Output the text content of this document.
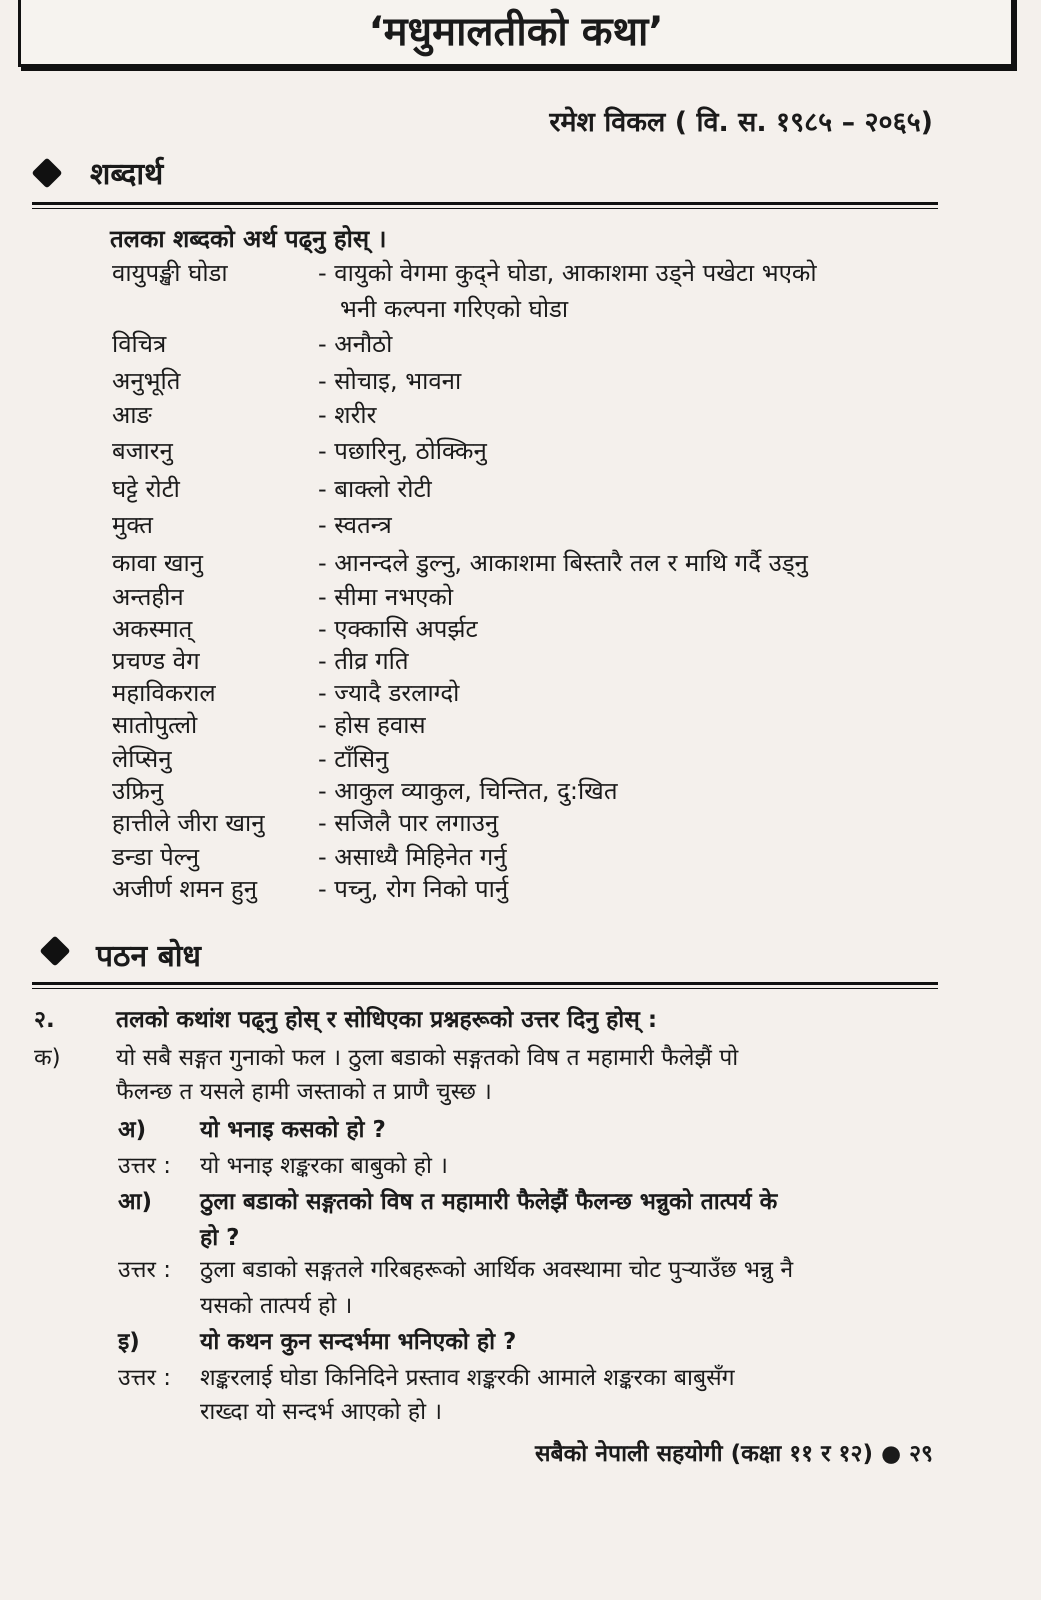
‘मधुमालतीको कथा’
रमेश विकल ( वि. स. १९८५ – २०६५)
शब्दार्थ
तलका शब्दको अर्थ पढ्नु होस् ।
वायुपङ्खी घोडा	- वायुको वेगमा कुद्ने घोडा, आकाशमा उड्ने पखेटा भएको
भनी कल्पना गरिएको घोडा
विचित्र	- अनौठो
अनुभूति	- सोचाइ, भावना
आङ	- शरीर
बजारनु	- पछारिनु, ठोक्किनु
घट्टे रोटी	- बाक्लो रोटी
मुक्त	- स्वतन्त्र
कावा खानु	- आनन्दले डुल्नु, आकाशमा बिस्तारै तल र माथि गर्दै उड्नु
अन्तहीन	- सीमा नभएको
अकस्मात्	- एक्कासि अपर्झट
प्रचण्ड वेग	- तीव्र गति
महाविकराल	- ज्यादै डरलाग्दो
सातोपुत्लो	- होस हवास
लेप्सिनु	- टाँसिनु
उफ्रिनु	- आकुल व्याकुल, चिन्तित, दु:खित
हात्तीले जीरा खानु - सजिलै पार लगाउनु
डन्डा पेल्नु	- असाध्यै मिहिनेत गर्नु
अजीर्ण शमन हुनु	- पच्नु, रोग निको पार्नु
पठन बोध
२.	तलको कथांश पढ्नु होस् र सोधिएका प्रश्नहरूको उत्तर दिनु होस् :
क) यो सबै सङ्गत गुनाको फल । ठुला बडाको सङ्गतको विष त महामारी फैलेझैं पो
फैलन्छ त यसले हामी जस्ताको त प्राणै चुस्छ ।
अ) यो भनाइ कसको हो ?
उत्तर : यो भनाइ शङ्करका बाबुको हो ।
आ) ठुला बडाको सङ्गतको विष त महामारी फैलेझैं फैलन्छ भन्नुको तात्पर्य के
हो ?
उत्तर : ठुला बडाको सङ्गतले गरिबहरूको आर्थिक अवस्थामा चोट पुऱ्याउँछ भन्नु नै
यसको तात्पर्य हो ।
इ)	यो कथन कुन सन्दर्भमा भनिएको हो ?
उत्तर : शङ्करलाई घोडा किनिदिने प्रस्ताव शङ्करकी आमाले शङ्करका बाबुसँग
राख्दा यो सन्दर्भ आएको हो ।
सबैको नेपाली सहयोगी (कक्षा ११ र १२) ● २९
